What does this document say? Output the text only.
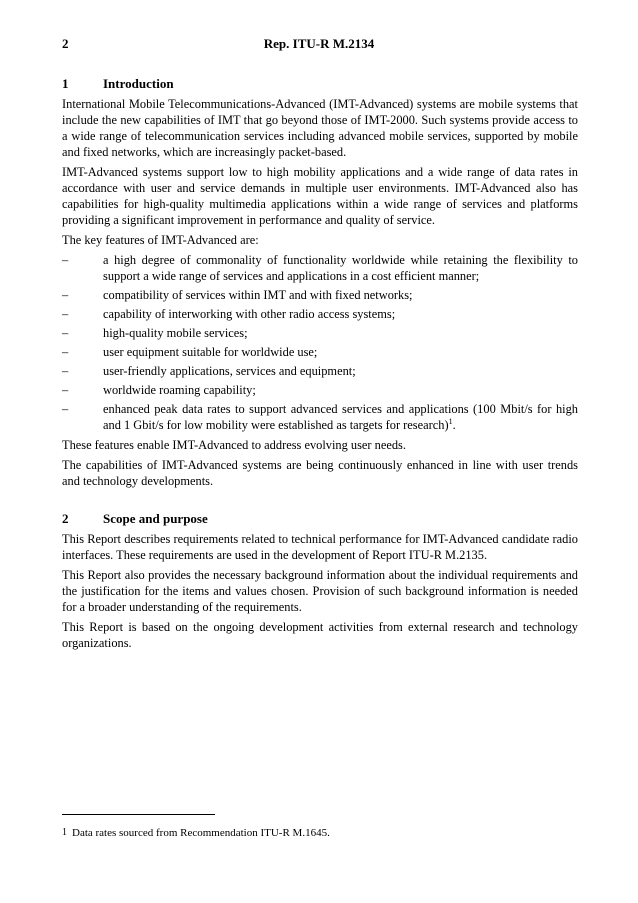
2	Rep. ITU-R M.2134
1	Introduction

International Mobile Telecommunications-Advanced (IMT-Advanced) systems are mobile systems that include the new capabilities of IMT that go beyond those of IMT-2000. Such systems provide access to a wide range of telecommunication services including advanced mobile services, supported by mobile and fixed networks, which are increasingly packet-based.

IMT-Advanced systems support low to high mobility applications and a wide range of data rates in accordance with user and service demands in multiple user environments. IMT-Advanced also has capabilities for high-quality multimedia applications within a wide range of services and platforms providing a significant improvement in performance and quality of service.

The key features of IMT-Advanced are:

–	a high degree of commonality of functionality worldwide while retaining the flexibility to support a wide range of services and applications in a cost efficient manner;
–	compatibility of services within IMT and with fixed networks;
–	capability of interworking with other radio access systems;
–	high-quality mobile services;
–	user equipment suitable for worldwide use;
–	user-friendly applications, services and equipment;
–	worldwide roaming capability;
–	enhanced peak data rates to support advanced services and applications (100 Mbit/s for high and 1 Gbit/s for low mobility were established as targets for research)$^1$.

These features enable IMT-Advanced to address evolving user needs.

The capabilities of IMT-Advanced systems are being continuously enhanced in line with user trends and technology developments.

2	Scope and purpose

This Report describes requirements related to technical performance for IMT-Advanced candidate radio interfaces. These requirements are used in the development of Report ITU-R M.2135.

This Report also provides the necessary background information about the individual requirements and the justification for the items and values chosen. Provision of such background information is needed for a broader understanding of the requirements.

This Report is based on the ongoing development activities from external research and technology organizations.

1 Data rates sourced from Recommendation ITU-R M.1645.
